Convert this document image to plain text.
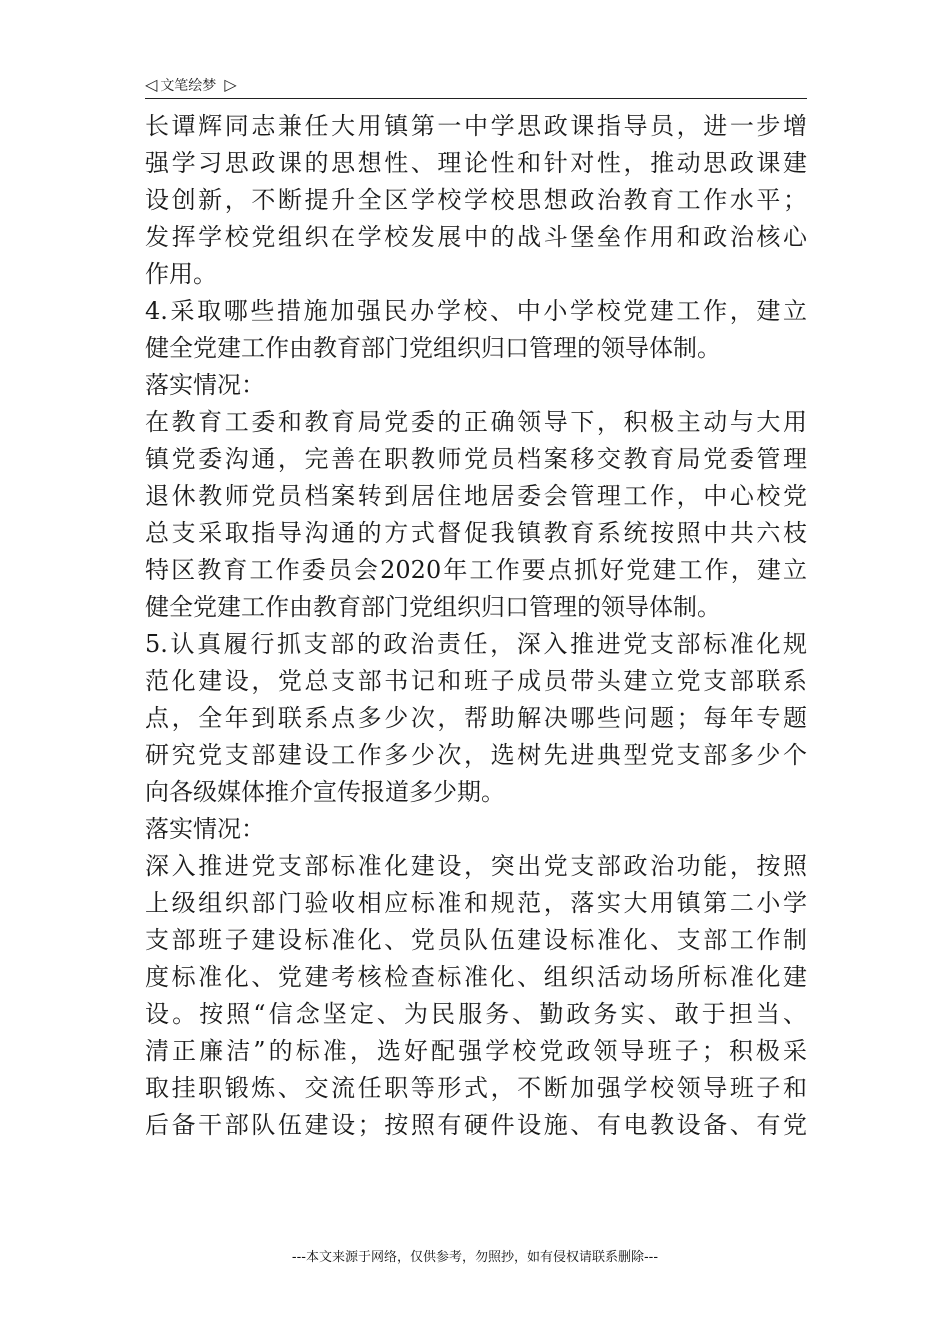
◁ 文笔绘梦 ▷
长谭辉同志兼任大用镇第一中学思政课指导员，进一步增
强学习思政课的思想性、理论性和针对性，推动思政课建
设创新，不断提升全区学校学校思想政治教育工作水平；
发挥学校党组织在学校发展中的战斗堡垒作用和政治核心
作用。
4.采取哪些措施加强民办学校、中小学校党建工作，建立
健全党建工作由教育部门党组织归口管理的领导体制。
落实情况：
在教育工委和教育局党委的正确领导下，积极主动与大用
镇党委沟通，完善在职教师党员档案移交教育局党委管理
退休教师党员档案转到居住地居委会管理工作，中心校党
总支采取指导沟通的方式督促我镇教育系统按照中共六枝
特区教育工作委员会2020年工作要点抓好党建工作，建立
健全党建工作由教育部门党组织归口管理的领导体制。
5.认真履行抓支部的政治责任，深入推进党支部标准化规
范化建设，党总支部书记和班子成员带头建立党支部联系
点，全年到联系点多少次，帮助解决哪些问题；每年专题
研究党支部建设工作多少次，选树先进典型党支部多少个
向各级媒体推介宣传报道多少期。
落实情况：
深入推进党支部标准化建设，突出党支部政治功能，按照
上级组织部门验收相应标准和规范，落实大用镇第二小学
支部班子建设标准化、党员队伍建设标准化、支部工作制
度标准化、党建考核检查标准化、组织活动场所标准化建
设。按照“信念坚定、为民服务、勤政务实、敢于担当、
清正廉洁”的标准，选好配强学校党政领导班子；积极采
取挂职锻炼、交流任职等形式，不断加强学校领导班子和
后备干部队伍建设；按照有硬件设施、有电教设备、有党
---本文来源于网络，仅供参考，勿照抄，如有侵权请联系删除---
